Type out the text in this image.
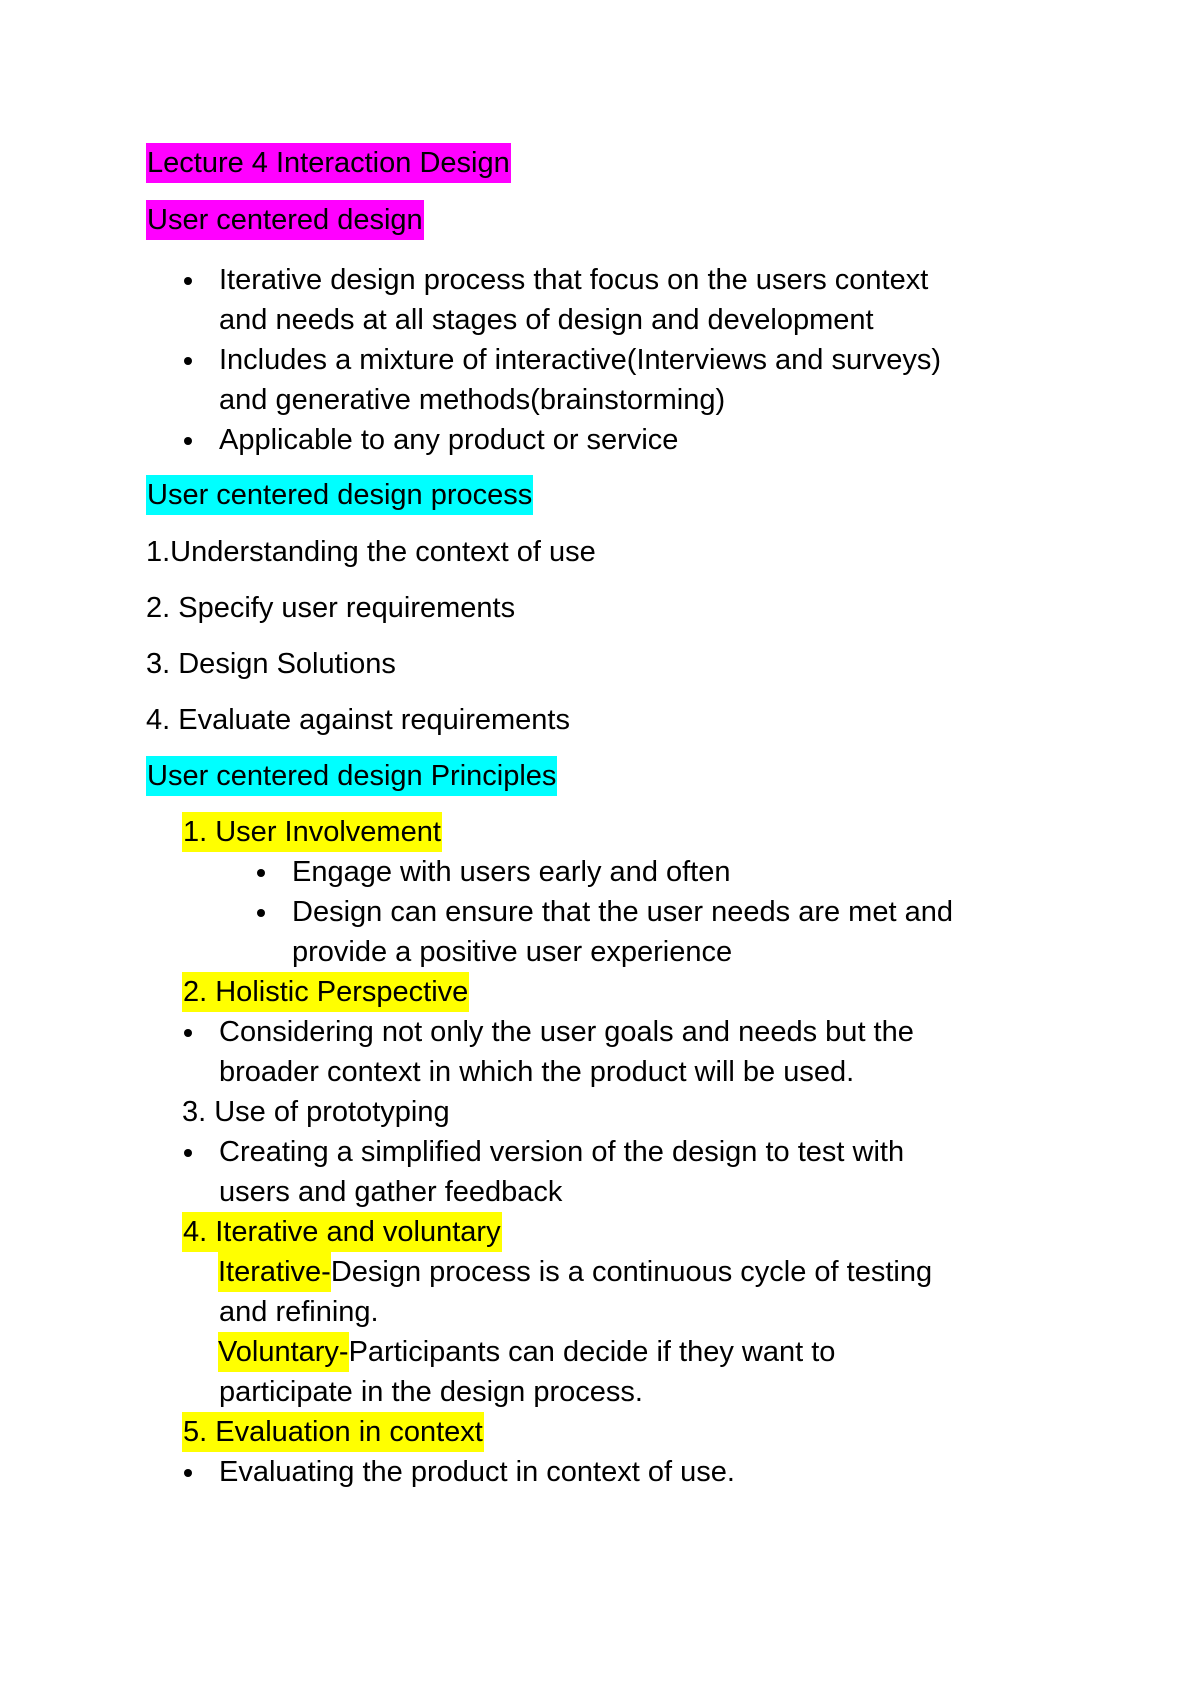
Lecture 4 Interaction Design
User centered design
Iterative design process that focus on the users context
and needs at all stages of design and development
Includes a mixture of interactive(Interviews and surveys)
and generative methods(brainstorming)
Applicable to any product or service
User centered design process
1.Understanding the context of use
2. Specify user requirements
3. Design Solutions
4. Evaluate against requirements
User centered design Principles
1. User Involvement
Engage with users early and often
Design can ensure that the user needs are met and
provide a positive user experience
2. Holistic Perspective
Considering not only the user goals and needs but the
broader context in which the product will be used.
3. Use of prototyping
Creating a simplified version of the design to test with
users and gather feedback
4. Iterative and voluntary
Iterative-Design process is a continuous cycle of testing
and refining.
Voluntary-Participants can decide if they want to
participate in the design process.
5. Evaluation in context
Evaluating the product in context of use.
